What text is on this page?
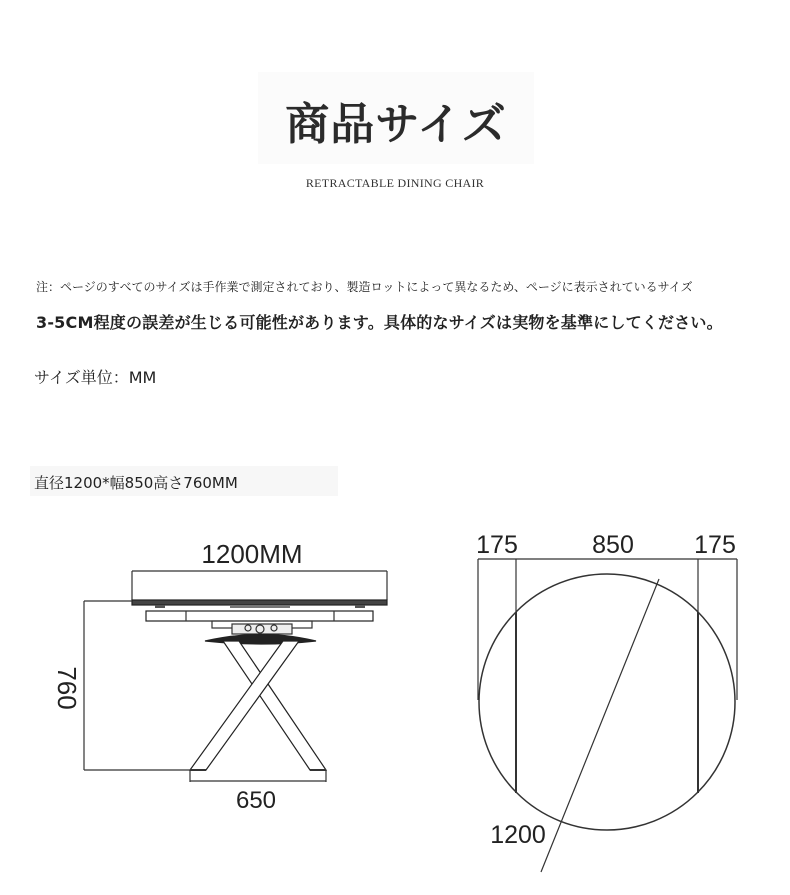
商品サイズ
RETRACTABLE DINING CHAIR
注：ページのすべてのサイズは手作業で測定されており、製造ロットによって異なるため、ページに表示されているサイズ
3-5CM程度の誤差が生じる可能性があります。具体的なサイズは実物を基準にしてください。
サイズ単位：MM
直径1200*幅850高さ760MM
1200MM
760
650
175	850 175
1200
